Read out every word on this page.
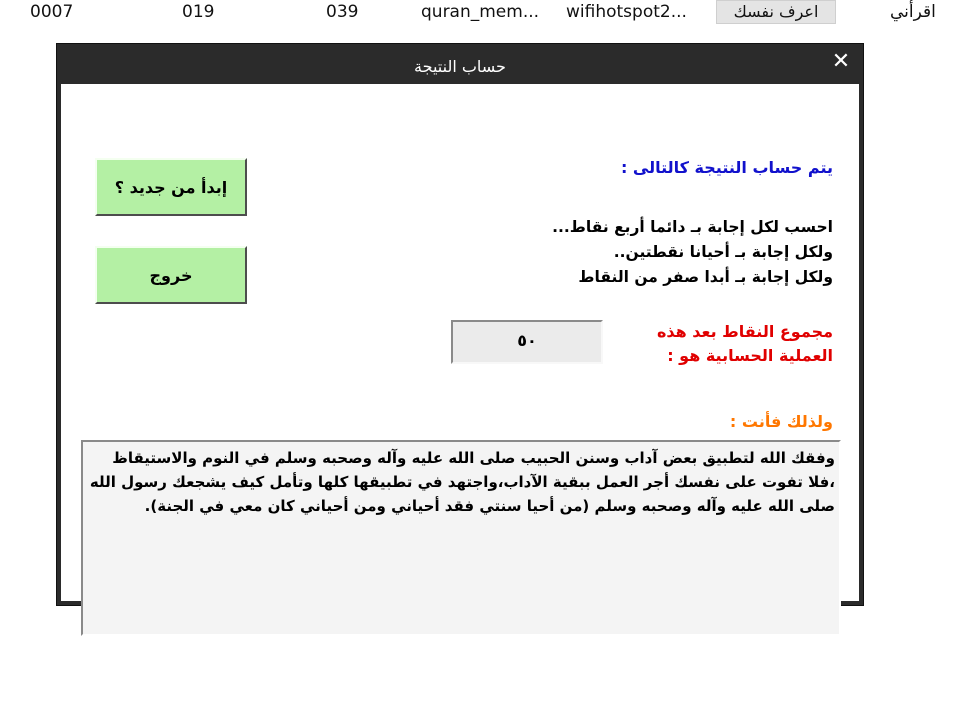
0007	019	039	quran_mem... wifihotspot2...	اعرف نفسك	اقرأني
حساب النتيجة	✕
إبدأ من جديد ؟
خروج
يتم حساب النتيجة كالتالى :
احسب لكل إجابة بـ دائما أربع نقاط...
ولكل إجابة بـ أحيانا نقطتين..
ولكل إجابة بـ أبدا صفر من النقاط
مجموع النقاط بعد هذه
العملية الحسابية هو :
٥٠
ولذلك فأنت :
وفقك الله لتطبيق بعض آداب وسنن الحبيب صلى الله عليه وآله وصحبه وسلم في النوم والاستيقاظ ،فلا تفوت على نفسك أجر العمل ببقية الآداب،واجتهد في تطبيقها كلها وتأمل كيف يشجعك رسول الله صلى الله عليه وآله وصحبه وسلم (من أحيا سنتي فقد أحياني ومن أحياني كان معي في الجنة).
